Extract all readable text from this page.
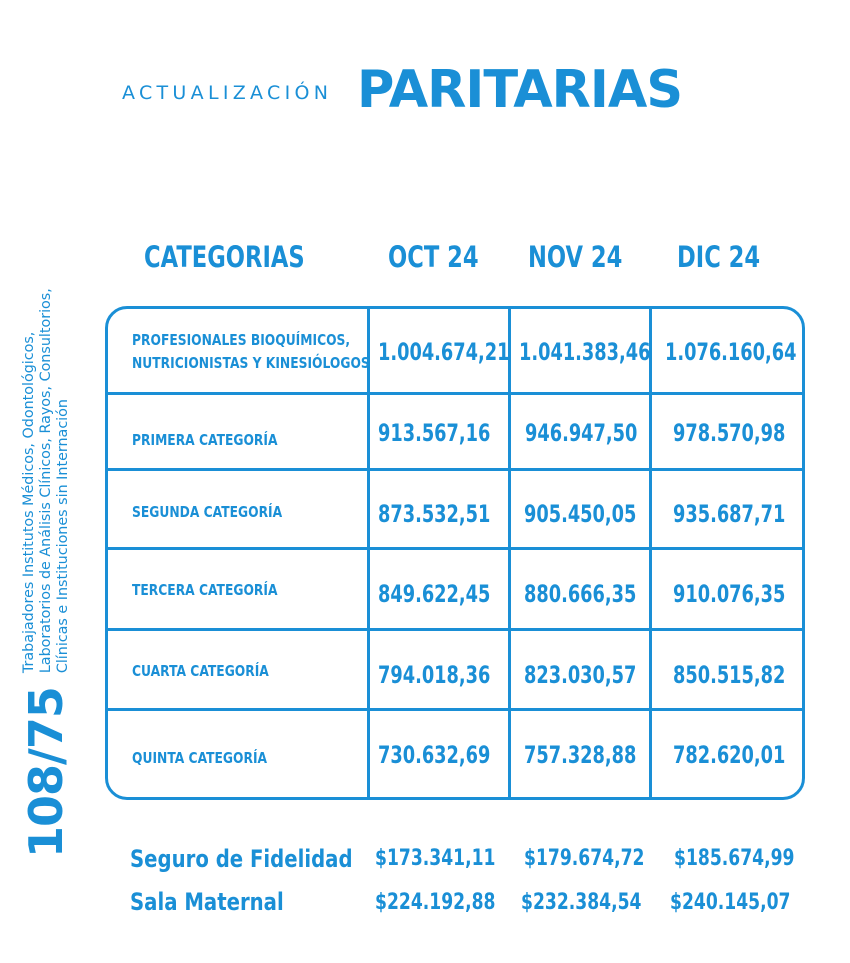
ACTUALIZACIÓN PARITARIAS
108/75
Trabajadores Institutos Médicos, Odontológicos, Laboratorios de Análisis Clínicos, Rayos, Consultorios, Clínicas e Instituciones sin Internación
CATEGORIAS	OCT 24 NOV 24 DIC 24
PROFESIONALES BIOQUÍMICOS,
NUTRICIONISTAS Y KINESIÓLOGOS 1.004.674,21 1.041.383,46 1.076.160,64
PRIMERA CATEGORÍA	913.567,16 946.947,50 978.570,98
SEGUNDA CATEGORÍA	873.532,51 905.450,05 935.687,71
TERCERA CATEGORÍA	849.622,45 880.666,35 910.076,35
CUARTA CATEGORÍA	794.018,36 823.030,57 850.515,82
QUINTA CATEGORÍA	730.632,69 757.328,88 782.620,01
Seguro de Fidelidad $173.341,11 $179.674,72 $185.674,99
Sala Maternal	$224.192,88 $232.384,54 $240.145,07
